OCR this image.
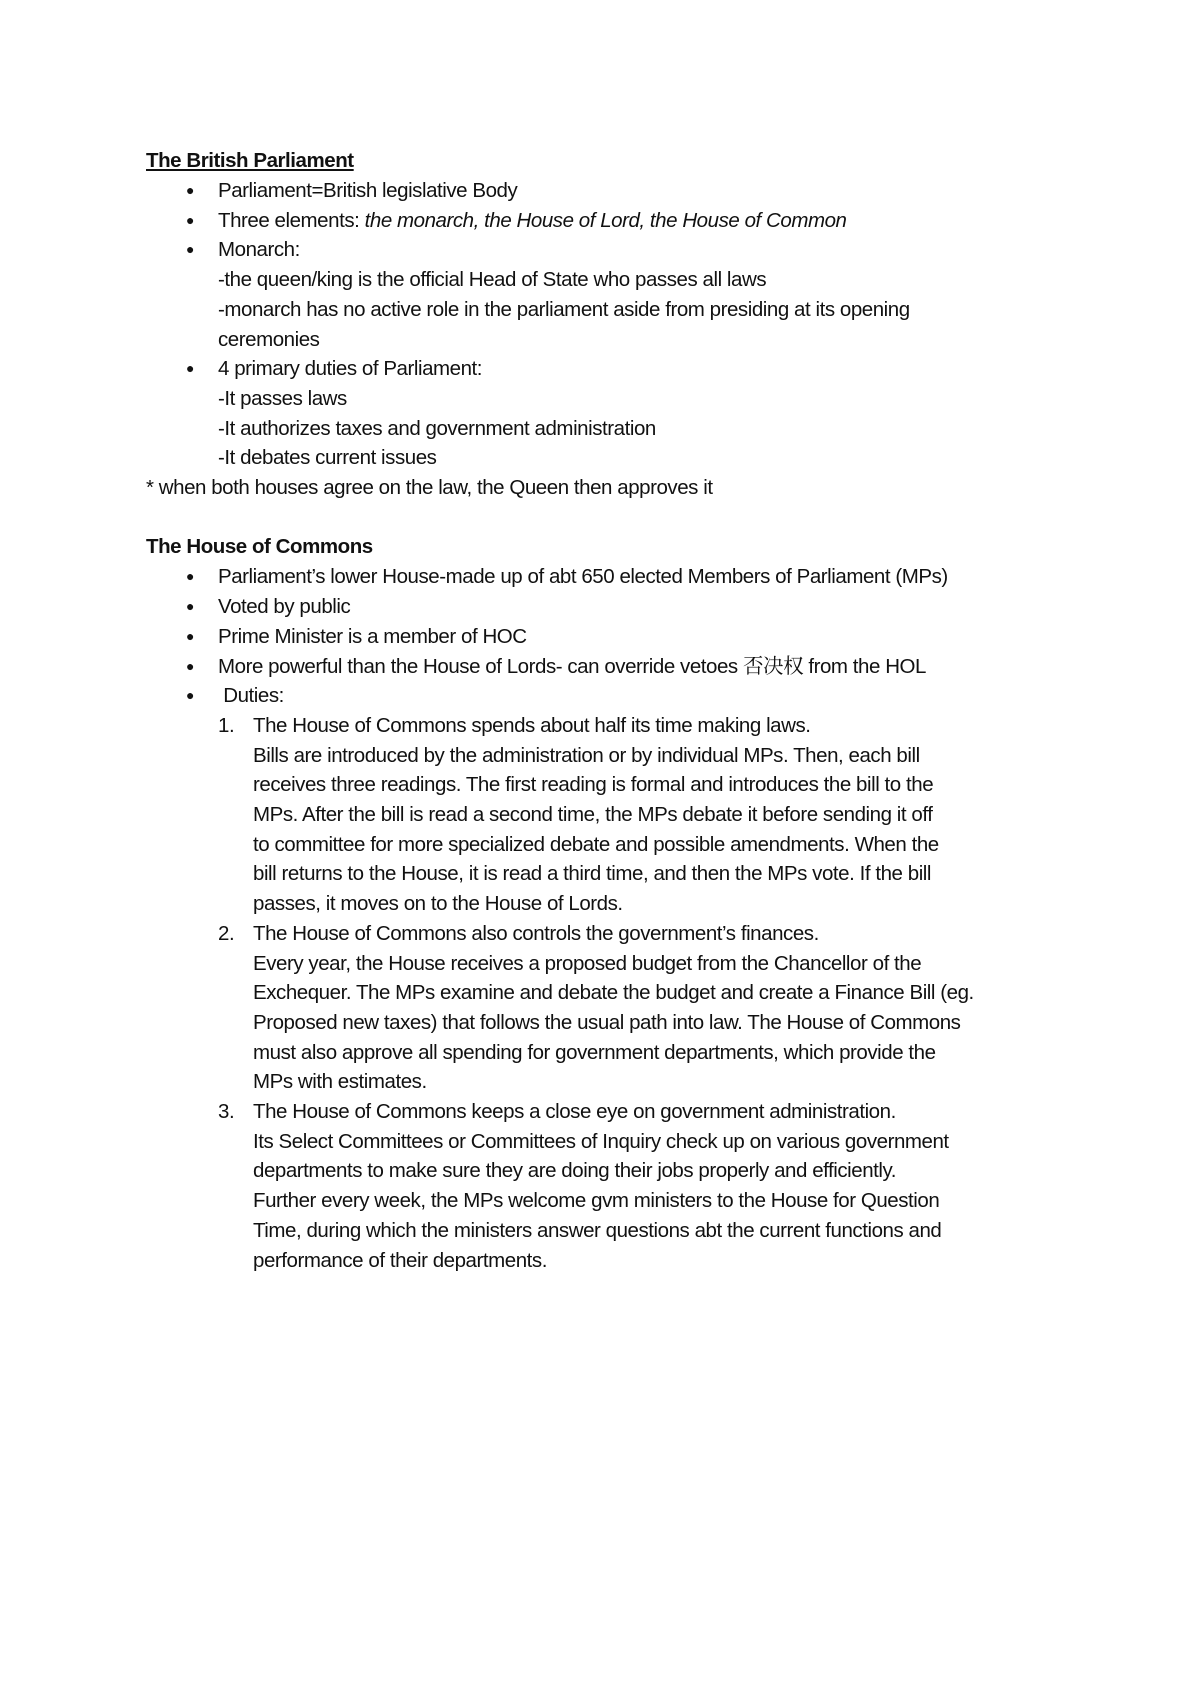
The British Parliament
● Parliament=British legislative Body
● Three elements: the monarch, the House of Lord, the House of Common
● Monarch:
-the queen/king is the official Head of State who passes all laws
-monarch has no active role in the parliament aside from presiding at its opening
ceremonies
● 4 primary duties of Parliament:
-It passes laws
-It authorizes taxes and government administration
-It debates current issues
* when both houses agree on the law, the Queen then approves it
The House of Commons
● Parliament’s lower House-made up of abt 650 elected Members of Parliament (MPs)
● Voted by public
● Prime Minister is a member of HOC
● More powerful than the House of Lords- can override vetoes 否决权 from the HOL
● Duties:
1. The House of Commons spends about half its time making laws.
Bills are introduced by the administration or by individual MPs. Then, each bill
receives three readings. The first reading is formal and introduces the bill to the
MPs. After the bill is read a second time, the MPs debate it before sending it off
to committee for more specialized debate and possible amendments. When the
bill returns to the House, it is read a third time, and then the MPs vote. If the bill
passes, it moves on to the House of Lords.
2. The House of Commons also controls the government’s finances.
Every year, the House receives a proposed budget from the Chancellor of the
Exchequer. The MPs examine and debate the budget and create a Finance Bill (eg.
Proposed new taxes) that follows the usual path into law. The House of Commons
must also approve all spending for government departments, which provide the
MPs with estimates.
3. The House of Commons keeps a close eye on government administration.
Its Select Committees or Committees of Inquiry check up on various government
departments to make sure they are doing their jobs properly and efficiently.
Further every week, the MPs welcome gvm ministers to the House for Question
Time, during which the ministers answer questions abt the current functions and
performance of their departments.
